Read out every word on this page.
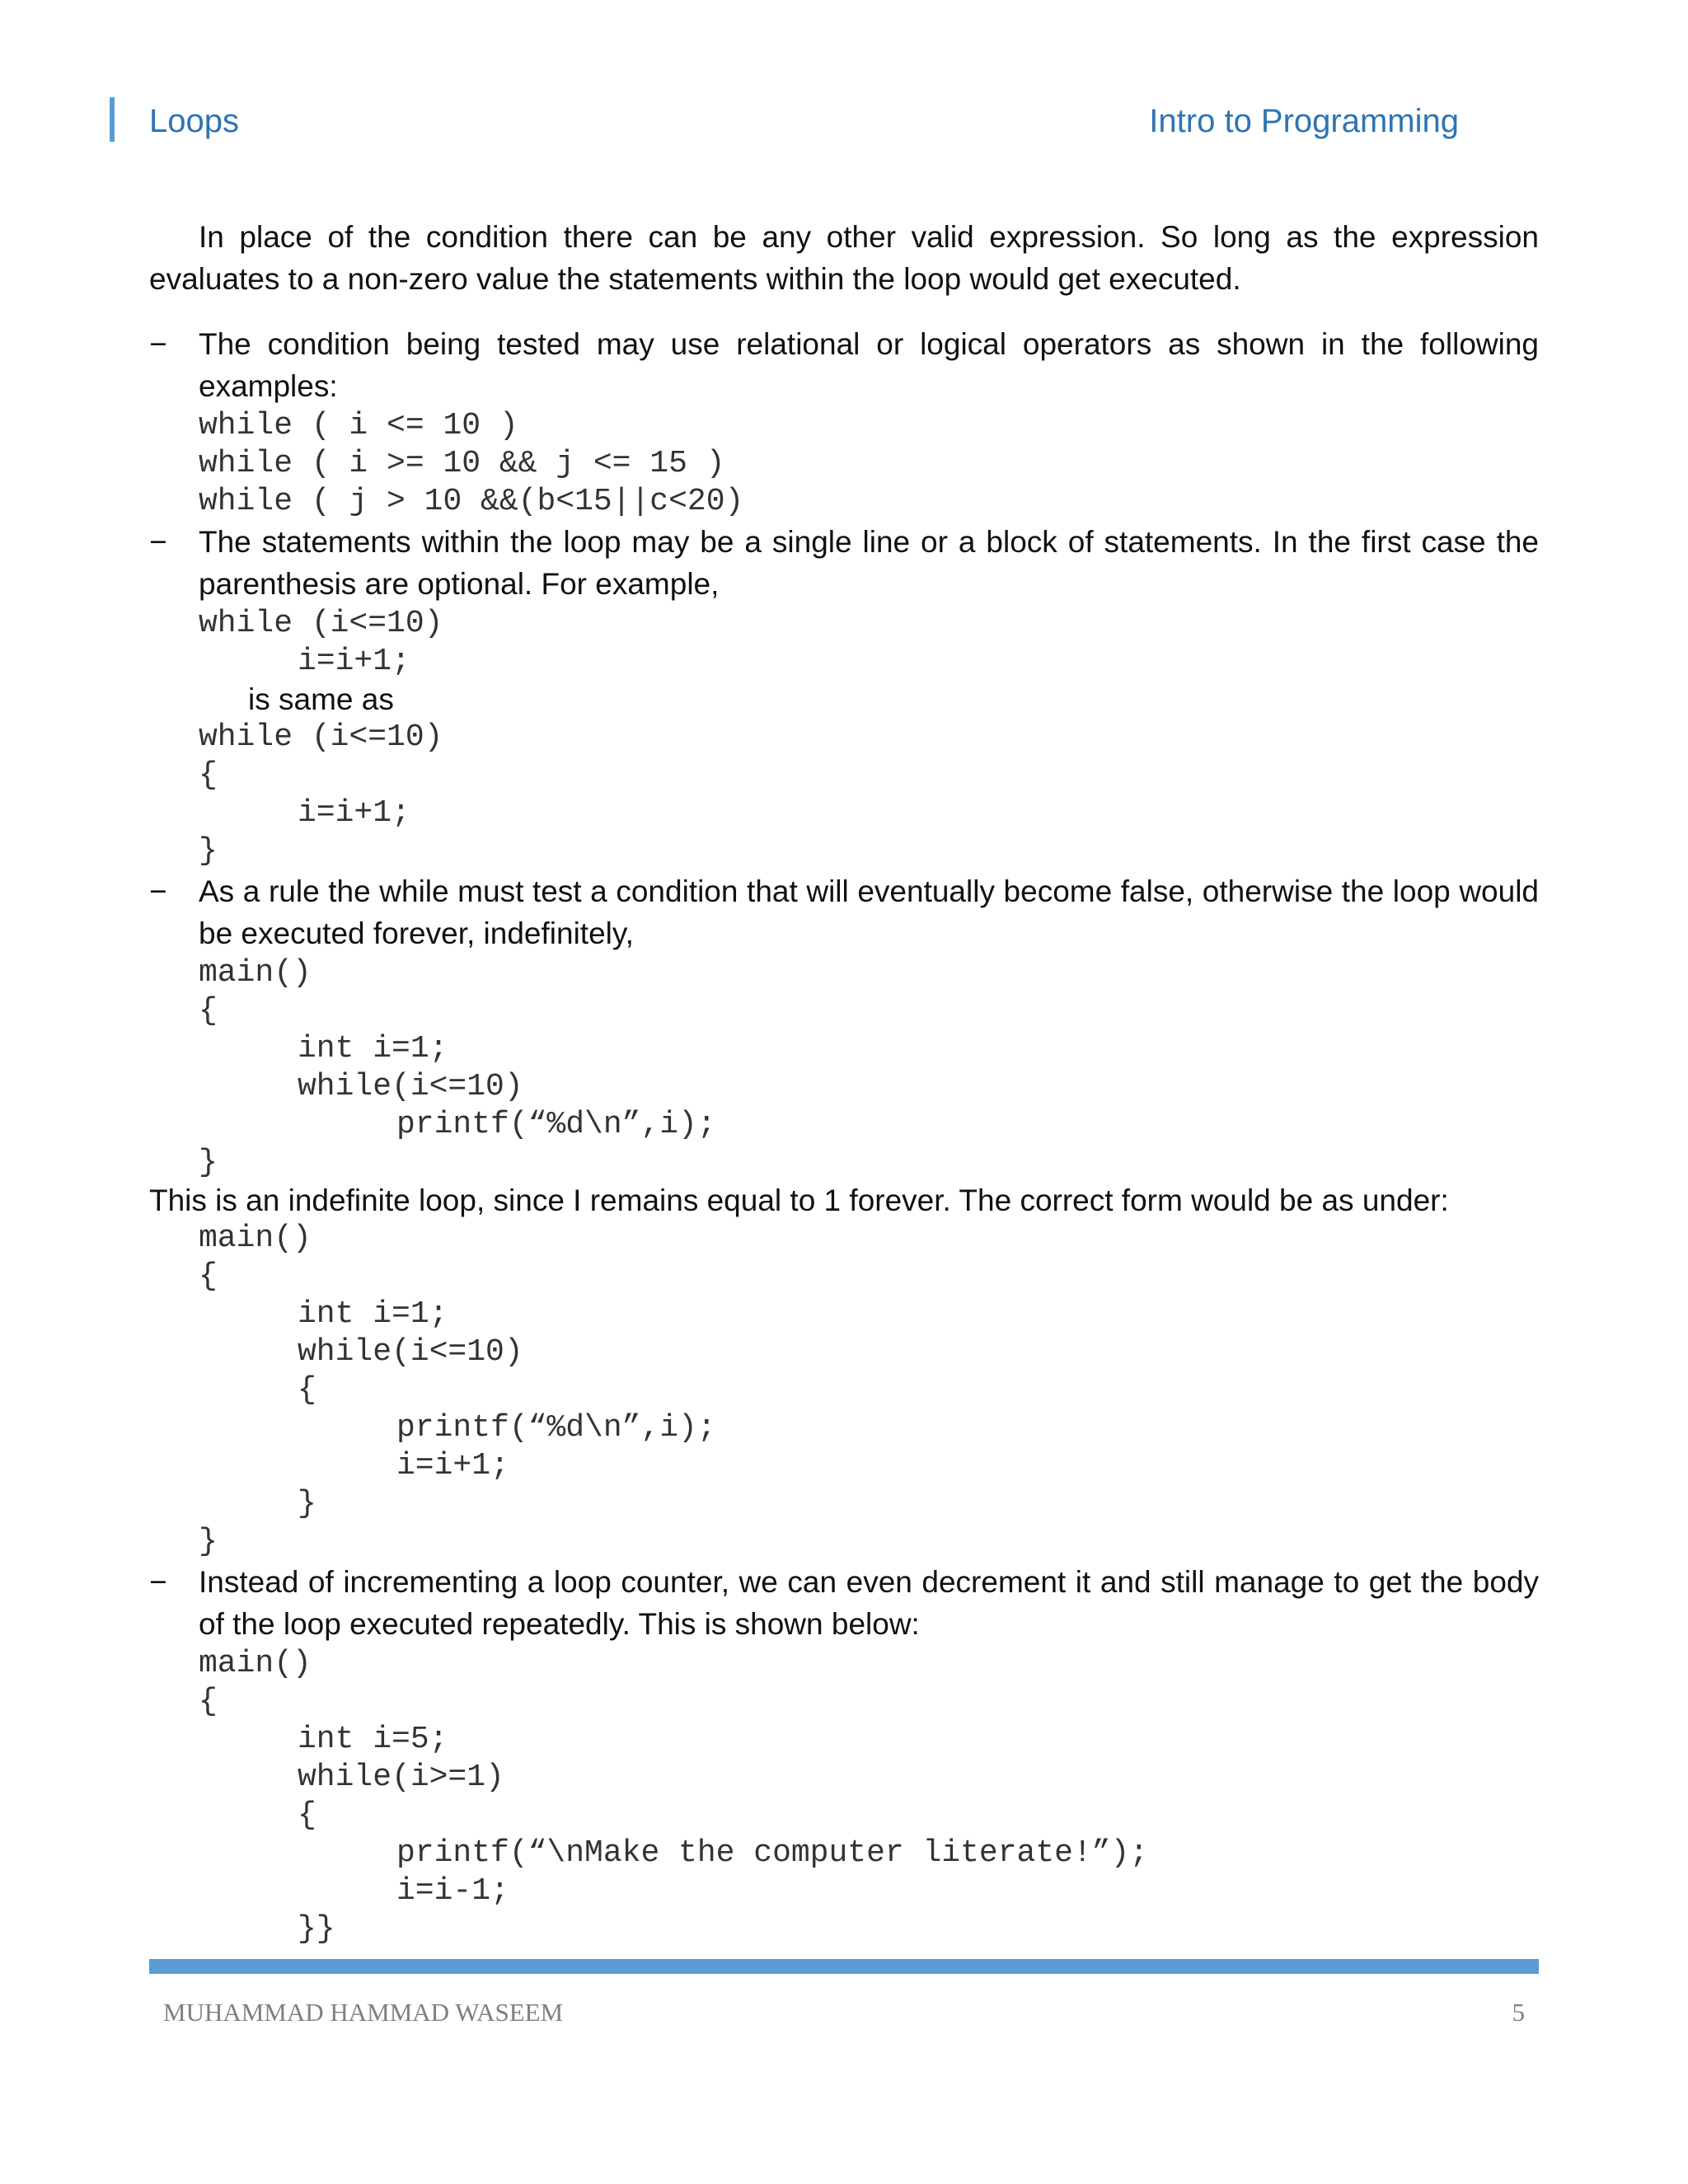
Loops	Intro to Programming

In place of the condition there can be any other valid expression. So long as the expression evaluates to a non-zero value the statements within the loop would get executed.

− The condition being tested may use relational or logical operators as shown in the following examples:

while ( i <= 10 )
while ( i >= 10 && j <= 15 )
while ( j > 10 &&(b<15||c<20)

− The statements within the loop may be a single line or a block of statements. In the first case the parenthesis are optional. For example,

while (i<=10)
i=i+1;

is same as

while (i<=10)
{
i=i+1;
}

− As a rule the while must test a condition that will eventually become false, otherwise the loop would be executed forever, indefinitely,

main()
{
int i=1;
while(i<=10)
printf(“%d\n”,i);
}

This is an indefinite loop, since I remains equal to 1 forever. The correct form would be as under:

main()
{
int i=1;
while(i<=10)
{
printf(“%d\n”,i);
i=i+1;
}
}

− Instead of incrementing a loop counter, we can even decrement it and still manage to get the body of the loop executed repeatedly. This is shown below:

main()
{
int i=5;
while(i>=1)
{
printf(“\nMake the computer literate!”);
i=i-1;
}}
MUHAMMAD HAMMAD WASEEM	5
